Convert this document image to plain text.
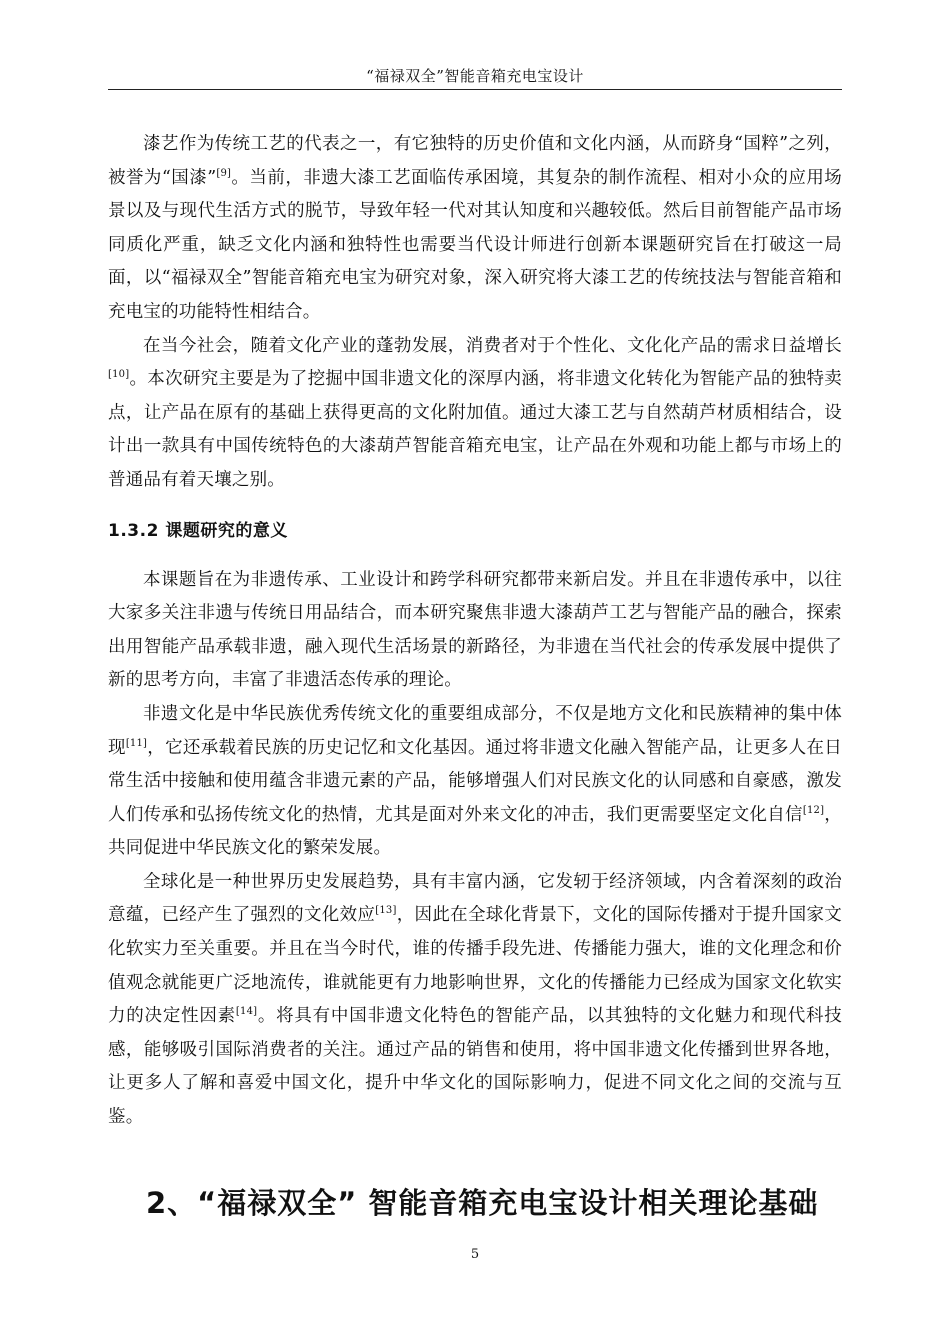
“福禄双全”智能音箱充电宝设计

漆艺作为传统工艺的代表之一，有它独特的历史价值和文化内涵，从而跻身“国粹”之列，被誉为“国漆”[9]。当前，非遗大漆工艺面临传承困境，其复杂的制作流程、相对小众的应用场景以及与现代生活方式的脱节，导致年轻一代对其认知度和兴趣较低。然后目前智能产品市场同质化严重，缺乏文化内涵和独特性也需要当代设计师进行创新本课题研究旨在打破这一局面，以“福禄双全”智能音箱充电宝为研究对象，深入研究将大漆工艺的传统技法与智能音箱和充电宝的功能特性相结合。

在当今社会，随着文化产业的蓬勃发展，消费者对于个性化、文化化产品的需求日益增长[10]。本次研究主要是为了挖掘中国非遗文化的深厚内涵，将非遗文化转化为智能产品的独特卖点，让产品在原有的基础上获得更高的文化附加值。通过大漆工艺与自然葫芦材质相结合，设计出一款具有中国传统特色的大漆葫芦智能音箱充电宝，让产品在外观和功能上都与市场上的普通品有着天壤之别。

1.3.2 课题研究的意义

本课题旨在为非遗传承、工业设计和跨学科研究都带来新启发。并且在非遗传承中，以往大家多关注非遗与传统日用品结合，而本研究聚焦非遗大漆葫芦工艺与智能产品的融合，探索出用智能产品承载非遗，融入现代生活场景的新路径，为非遗在当代社会的传承发展中提供了新的思考方向，丰富了非遗活态传承的理论。

非遗文化是中华民族优秀传统文化的重要组成部分，不仅是地方文化和民族精神的集中体现[11]，它还承载着民族的历史记忆和文化基因。通过将非遗文化融入智能产品，让更多人在日常生活中接触和使用蕴含非遗元素的产品，能够增强人们对民族文化的认同感和自豪感，激发人们传承和弘扬传统文化的热情，尤其是面对外来文化的冲击，我们更需要坚定文化自信[12]，共同促进中华民族文化的繁荣发展。

全球化是一种世界历史发展趋势，具有丰富内涵，它发轫于经济领域，内含着深刻的政治意蕴，已经产生了强烈的文化效应[13]，因此在全球化背景下，文化的国际传播对于提升国家文化软实力至关重要。并且在当今时代，谁的传播手段先进、传播能力强大，谁的文化理念和价值观念就能更广泛地流传，谁就能更有力地影响世界，文化的传播能力已经成为国家文化软实力的决定性因素[14]。将具有中国非遗文化特色的智能产品，以其独特的文化魅力和现代科技感，能够吸引国际消费者的关注。通过产品的销售和使用，将中国非遗文化传播到世界各地，让更多人了解和喜爱中国文化，提升中华文化的国际影响力，促进不同文化之间的交流与互鉴。

2、“福禄双全” 智能音箱充电宝设计相关理论基础
5
